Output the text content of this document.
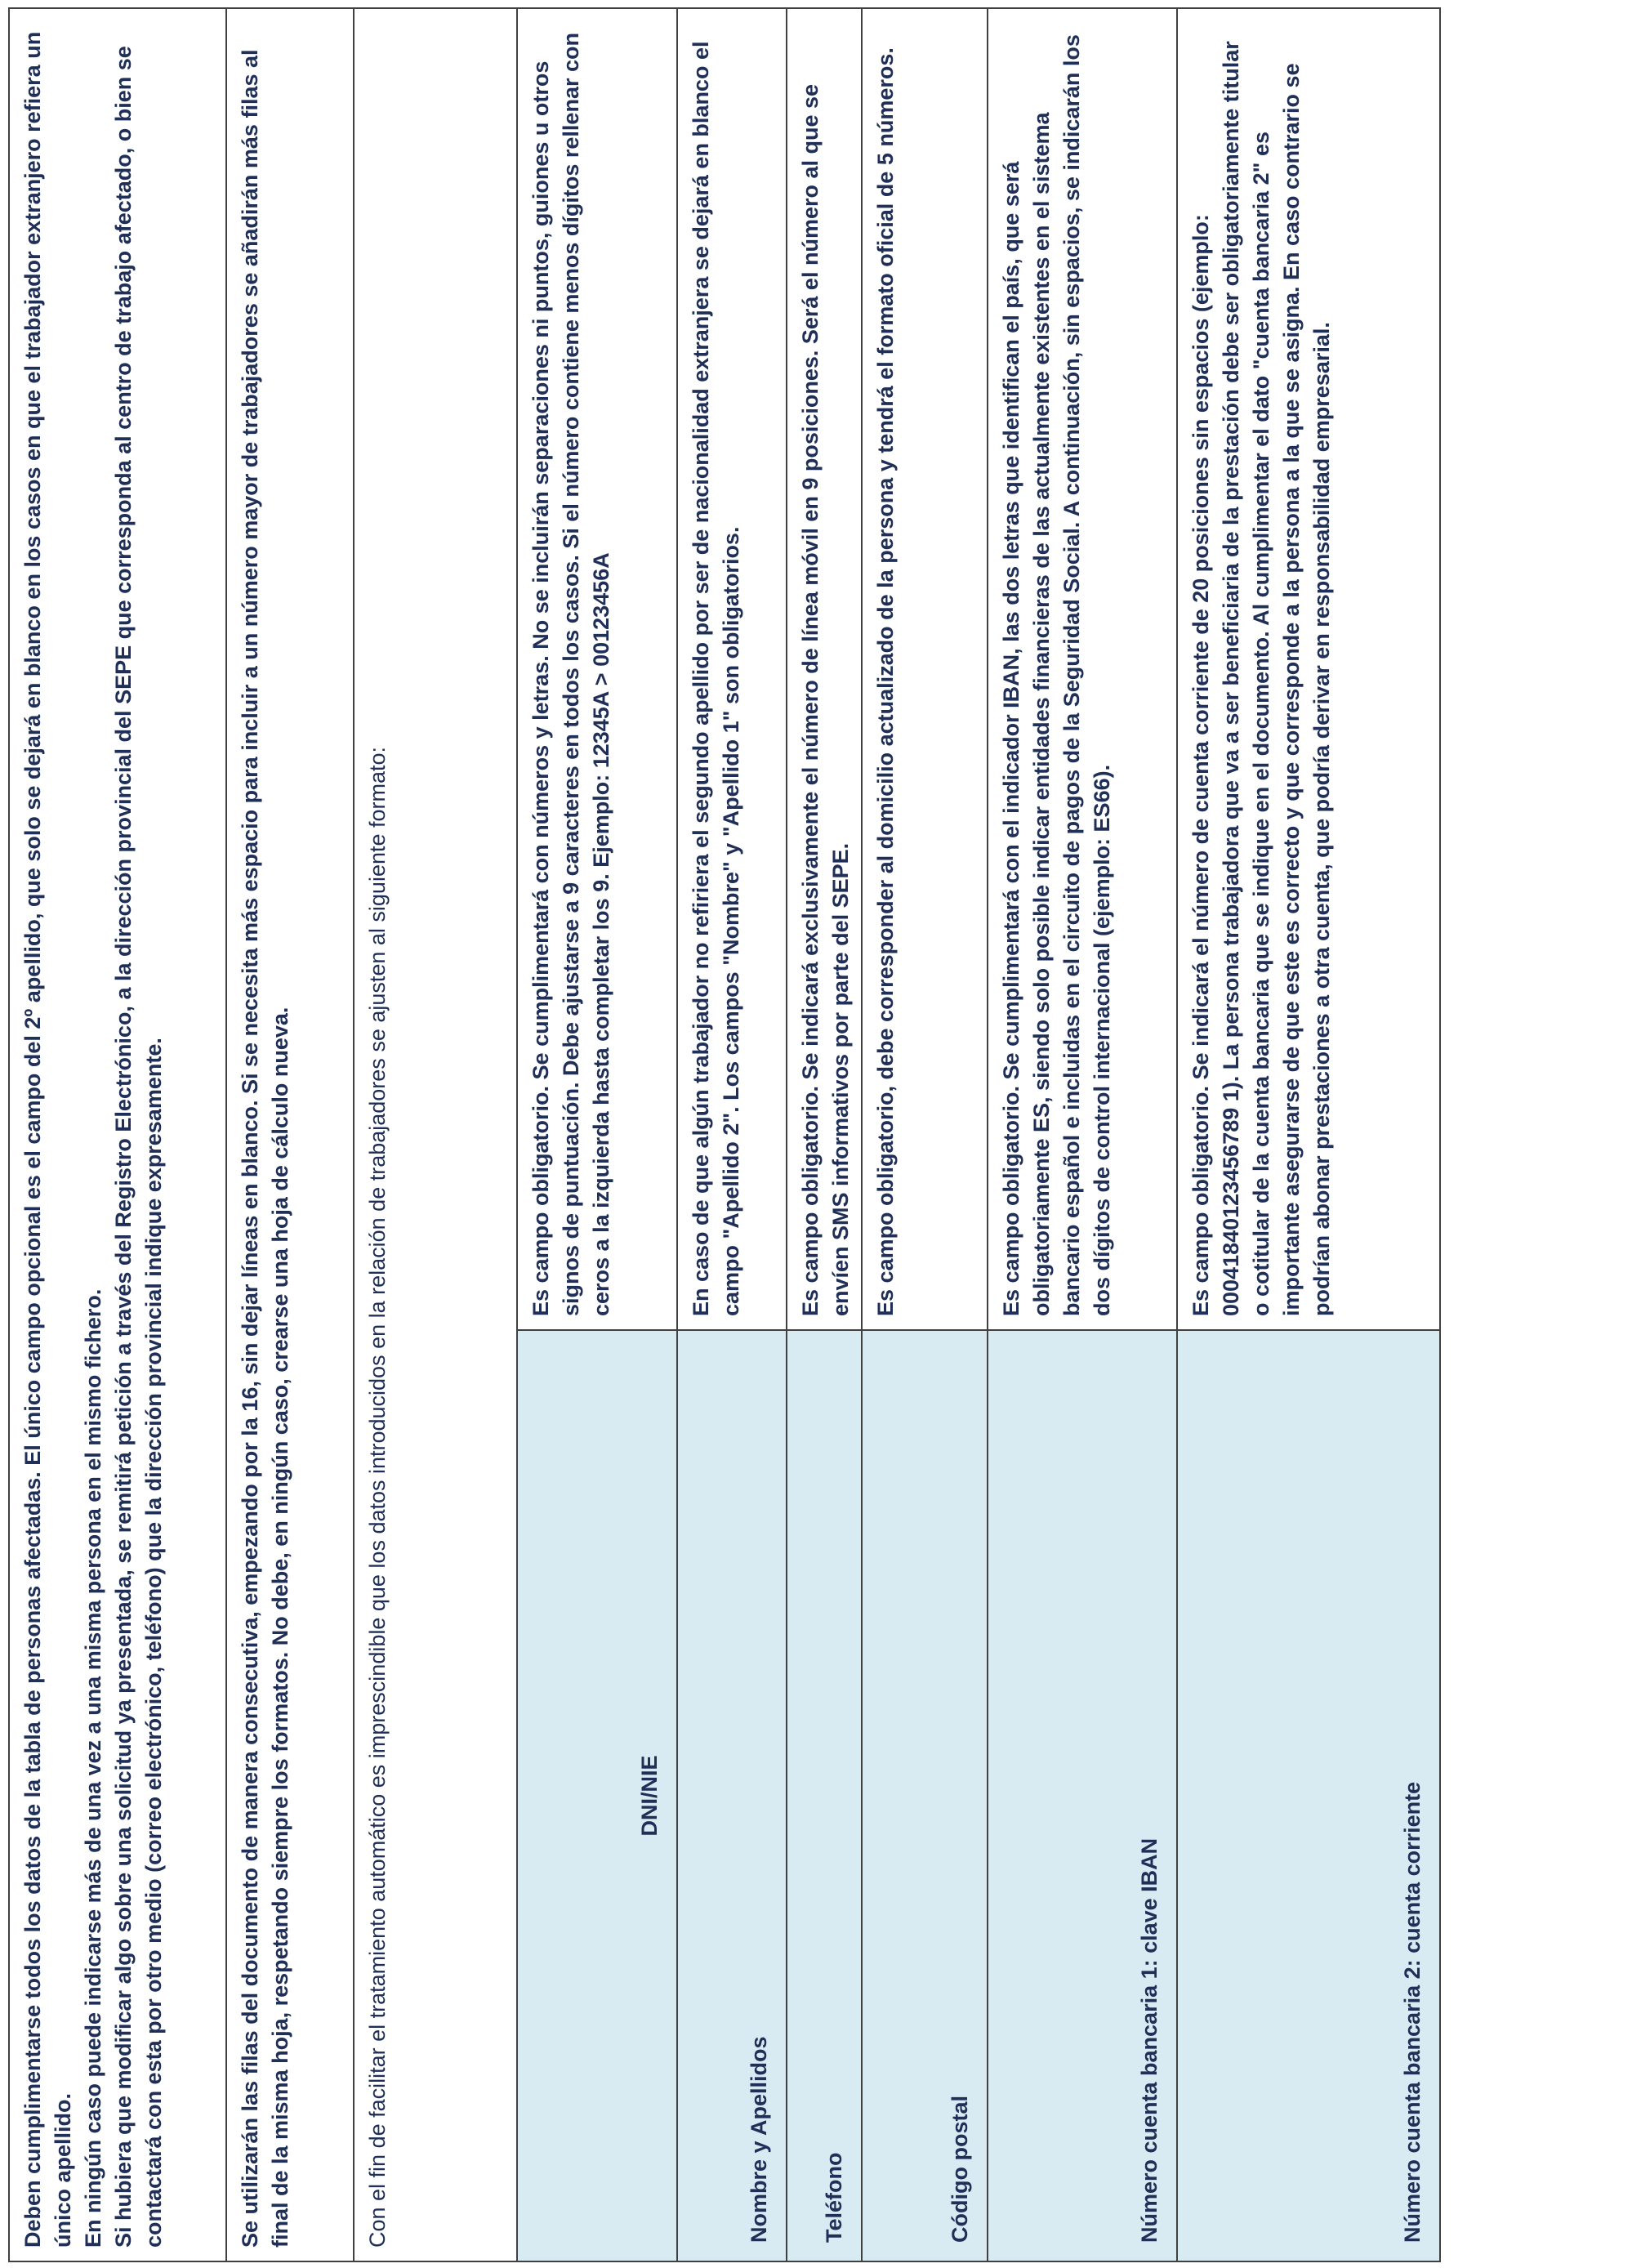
Deben cumplimentarse todos los datos de la tabla de personas afectadas. El único campo opcional es el campo del 2º apellido, que solo se dejará en blanco en los casos en que el trabajador extranjero refiera un único apellido. En ningún caso puede indicarse más de una vez a una misma persona en el mismo fichero. Si hubiera que modificar algo sobre una solicitud ya presentada, se remitirá petición a través del Registro Electrónico, a la dirección provincial del SEPE que corresponda al centro de trabajo afectado, o bien se contactará con esta por otro medio (correo electrónico, teléfono) que la dirección provincial indique expresamente.	

Se utilizarán las filas del documento de manera consecutiva, empezando por la 16, sin dejar líneas en blanco. Si se necesita más espacio para incluir a un número mayor de trabajadores se añadirán más filas al final de la misma hoja, respetando siempre los formatos. No debe, en ningún caso, crearse una hoja de cálculo nueva.	

Con el fin de facilitar el tratamiento automático es imprescindible que los datos introducidos en la relación de trabajadores se ajusten al siguiente formato:	

DNI/NIE	Es campo obligatorio. Se cumplimentará con números y letras. No se incluirán separaciones ni puntos, guiones u otros signos de puntuación. Debe ajustarse a 9 caracteres en todos los casos. Si el número contiene menos dígitos rellenar con ceros a la izquierda hasta completar los 9. Ejemplo: 12345A > 00123456A
Nombre y Apellidos	En caso de que algún trabajador no refiriera el segundo apellido por ser de nacionalidad extranjera se dejará en blanco el campo "Apellido 2". Los campos "Nombre" y "Apellido 1" son obligatorios.
Teléfono	Es campo obligatorio. Se indicará exclusivamente el número de línea móvil en 9 posiciones. Será el número al que se envíen SMS informativos por parte del SEPE.
Código postal	Es campo obligatorio, debe corresponder al domicilio actualizado de la persona y tendrá el formato oficial de 5 números.
Número cuenta bancaria 1: clave IBAN	Es campo obligatorio. Se cumplimentará con el indicador IBAN, las dos letras que identifican el país, que será obligatoriamente ES, siendo solo posible indicar entidades financieras de las actualmente existentes en el sistema bancario español e incluidas en el circuito de pagos de la Seguridad Social. A continuación, sin espacios, se indicarán los dos dígitos de control internacional (ejemplo: ES66).
Número cuenta bancaria 2: cuenta corriente	Es campo obligatorio. Se indicará el número de cuenta corriente de 20 posiciones sin espacios (ejemplo: 00041840123456789 1). La persona trabajadora que va a ser beneficiaria de la prestación debe ser obligatoriamente titular o cotitular de la cuenta bancaria que se indique en el documento. Al cumplimentar el dato "cuenta bancaria 2" es importante asegurarse de que este es correcto y que corresponde a la persona a la que se asigna. En caso contrario se podrían abonar prestaciones a otra cuenta, que podría derivar en responsabilidad empresarial.
